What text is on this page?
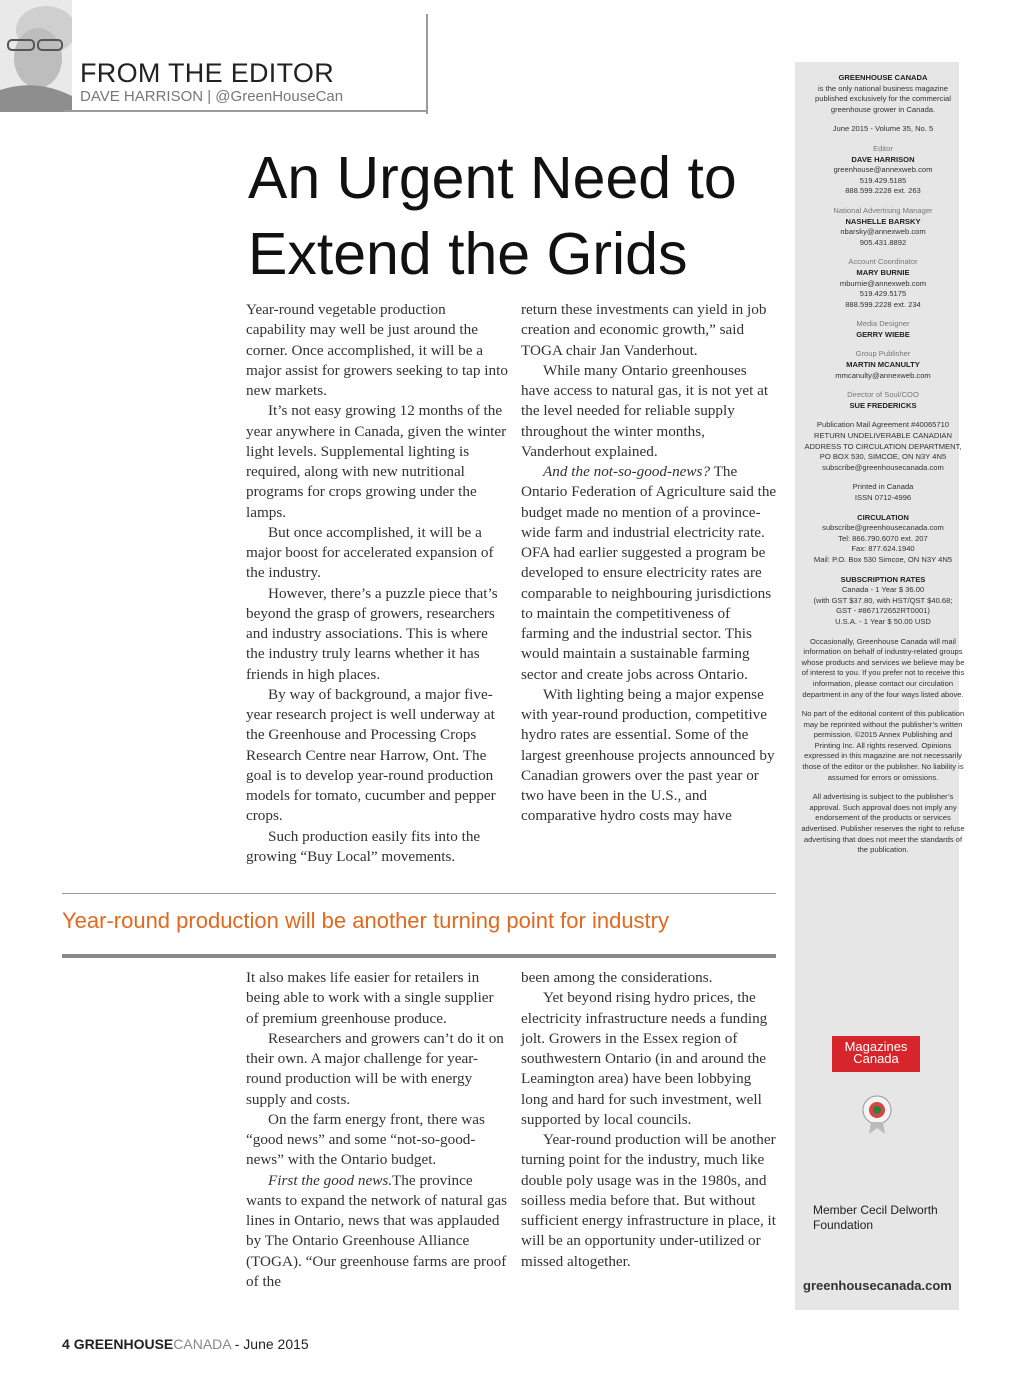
FROM THE EDITOR
DAVE HARRISON | @GreenHouseCan
An Urgent Need to
Extend the Grids

Year-round vegetable production capability may well be just around the corner. Once accomplished, it will be a major assist for growers seeking to tap into new markets.

It’s not easy growing 12 months of the year anywhere in Canada, given the winter light levels. Supplemental lighting is required, along with new nutritional programs for crops growing under the lamps.

But once accomplished, it will be a major boost for accelerated expansion of the industry.

However, there’s a puzzle piece that’s beyond the grasp of growers, researchers and industry associations. This is where the industry truly learns whether it has friends in high places.

By way of background, a major five-year research project is well underway at the Greenhouse and Processing Crops Research Centre near Harrow, Ont. The goal is to develop year-round production models for tomato, cucumber and pepper crops.

Such production easily fits into the growing “Buy Local” movements.

return these investments can yield in job creation and economic growth,” said TOGA chair Jan Vanderhout.

While many Ontario greenhouses have access to natural gas, it is not yet at the level needed for reliable supply throughout the winter months, Vanderhout explained.

And the not-so-good-news? The Ontario Federation of Agriculture said the budget made no mention of a province-wide farm and industrial electricity rate. OFA had earlier suggested a program be developed to ensure electricity rates are comparable to neighbouring jurisdictions to maintain the competitiveness of farming and the industrial sector. This would maintain a sustainable farming sector and create jobs across Ontario.

With lighting being a major expense with year-round production, competitive hydro rates are essential. Some of the largest greenhouse projects announced by Canadian growers over the past year or two have been in the U.S., and comparative hydro costs may have

Year-round production will be another turning point for industry

It also makes life easier for retailers in being able to work with a single supplier of premium greenhouse produce.

Researchers and growers can’t do it on their own. A major challenge for year-round production will be with energy supply and costs.

On the farm energy front, there was “good news” and some “not-so-good-news” with the Ontario budget.

First the good news.The province wants to expand the network of natural gas lines in Ontario, news that was applauded by The Ontario Greenhouse Alliance (TOGA). “Our greenhouse farms are proof of the

been among the considerations.

Yet beyond rising hydro prices, the electricity infrastructure needs a funding jolt. Growers in the Essex region of southwestern Ontario (in and around the Leamington area) have been lobbying long and hard for such investment, well supported by local councils.

Year-round production will be another turning point for the industry, much like double poly usage was in the 1980s, and soilless media before that. But without sufficient energy infrastructure in place, it will be an opportunity under-utilized or missed altogether.

GREENHOUSE CANADA
is the only national business magazine published exclusively for the commercial greenhouse grower in Canada.
June 2015 - Volume 35, No. 5
Editor
DAVE HARRISON
greenhouse@annexweb.com
519.429.5185
888.599.2228 ext. 263
National Advertising Manager
NASHELLE BARSKY
nbarsky@annexweb.com
905.431.8892
Account Coordinator
MARY BURNIE
mburnie@annexweb.com
519.429.5175
888.599.2228 ext. 234
Media Designer
GERRY WIEBE
Group Publisher
MARTIN MCANULTY
mmcanulty@annexweb.com
Director of Soul/COO
SUE FREDERICKS
Publication Mail Agreement #40065710
RETURN UNDELIVERABLE CANADIAN ADDRESS TO CIRCULATION DEPARTMENT, PO BOX 530, SIMCOE, ON N3Y 4N5
subscribe@greenhousecanada.com
Printed in Canada
ISSN 0712-4996
CIRCULATION
subscribe@greenhousecanada.com
Tel: 866.790.6070 ext. 207
Fax: 877.624.1940
Mail: P.O. Box 530 Simcoe, ON N3Y 4N5
SUBSCRIPTION RATES
Canada - 1 Year $ 36.00
(with GST $37.80, with HST/QST $40.68;
GST - #867172652RT0001)
U.S.A. - 1 Year $ 50.00 USD
Occasionally, Greenhouse Canada will mail information on behalf of industry-related groups whose products and services we believe may be of interest to you. If you prefer not to receive this information, please contact our circulation department in any of the four ways listed above.
No part of the editorial content of this publication may be reprinted without the publisher’s written permission. ©2015 Annex Publishing and Printing Inc. All rights reserved. Opinions expressed in this magazine are not necessarily those of the editor or the publisher. No liability is assumed for errors or omissions.
All advertising is subject to the publisher’s approval. Such approval does not imply any endorsement of the products or services advertised. Publisher reserves the right to refuse advertising that does not meet the standards of the publication.
Magazines
Canada
Member Cecil Delworth Foundation
greenhousecanada.com
4 GREENHOUSECANADA - June 2015
